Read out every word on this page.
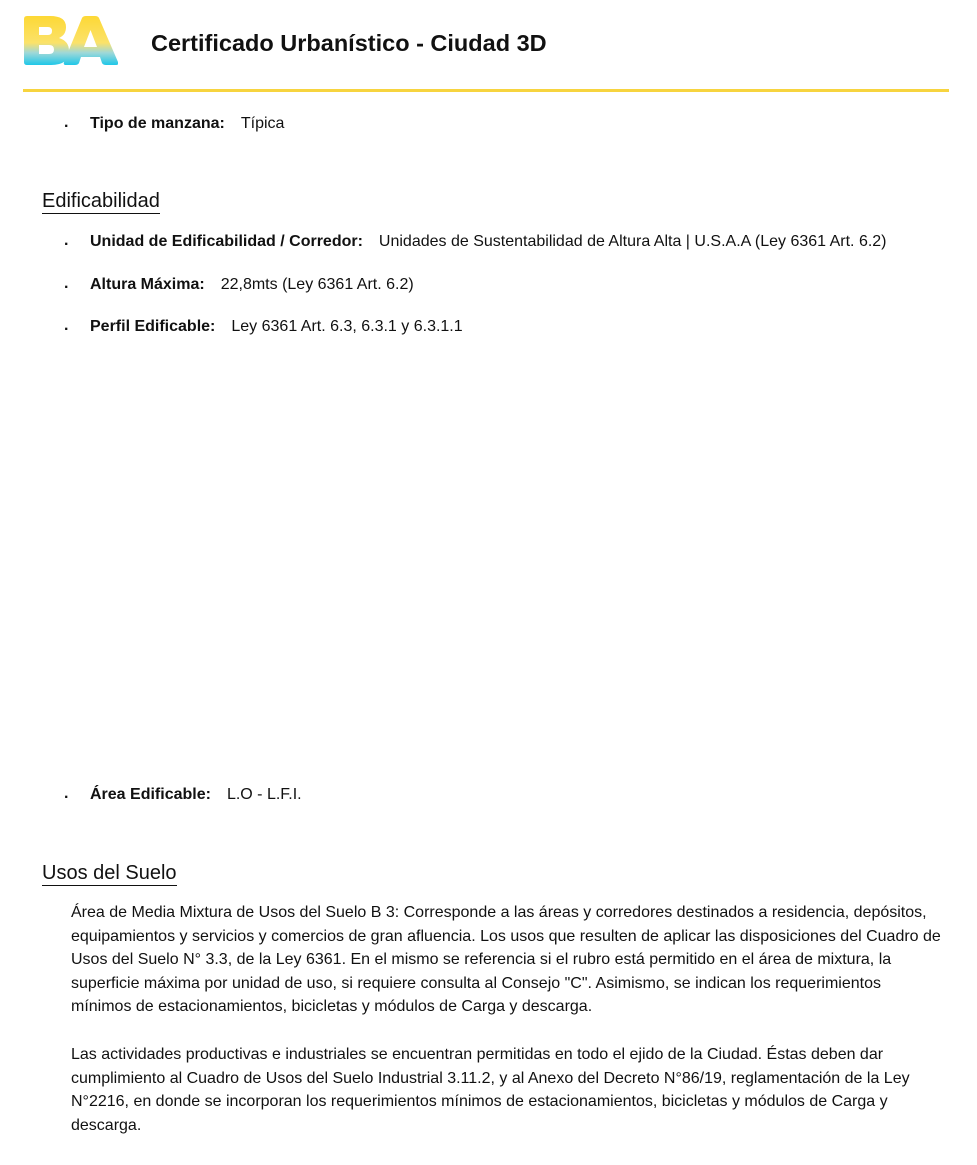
Certificado Urbanístico - Ciudad 3D
. Tipo de manzana: Típica
Edificabilidad
. Unidad de Edificabilidad / Corredor: Unidades de Sustentabilidad de Altura Alta | U.S.A.A (Ley 6361 Art. 6.2)
. Altura Máxima: 22,8mts (Ley 6361 Art. 6.2)
. Perfil Edificable: Ley 6361 Art. 6.3, 6.3.1 y 6.3.1.1
. Área Edificable: L.O - L.F.I.
Usos del Suelo

Área de Media Mixtura de Usos del Suelo B 3: Corresponde a las áreas y corredores destinados a residencia, depósitos, equipamientos y servicios y comercios de gran afluencia. Los usos que resulten de aplicar las disposiciones del Cuadro de Usos del Suelo N° 3.3, de la Ley 6361. En el mismo se referencia si el rubro está permitido en el área de mixtura, la superficie máxima por unidad de uso, si requiere consulta al Consejo "C". Asimismo, se indican los requerimientos mínimos de estacionamientos, bicicletas y módulos de Carga y descarga.

Las actividades productivas e industriales se encuentran permitidas en todo el ejido de la Ciudad. Éstas deben dar cumplimiento al Cuadro de Usos del Suelo Industrial 3.11.2, y al Anexo del Decreto N°86/19, reglamentación de la Ley N°2216, en donde se incorporan los requerimientos mínimos de estacionamientos, bicicletas y módulos de Carga y descarga.
